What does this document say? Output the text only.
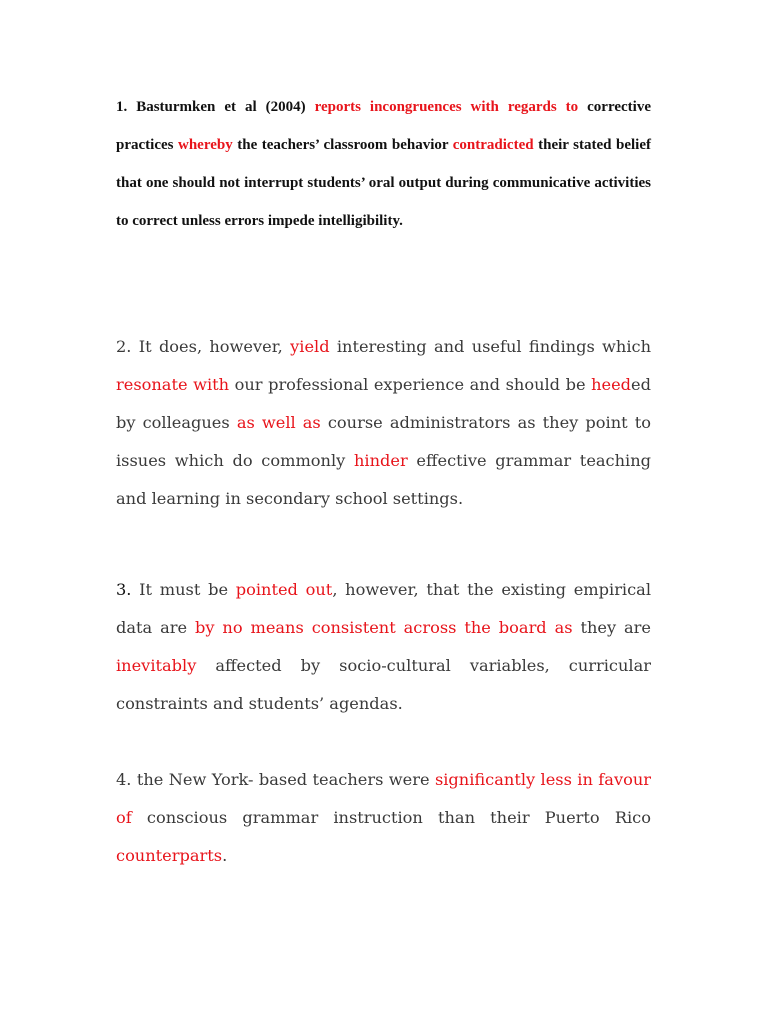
1. Basturmken et al (2004) reports incongruences with regards to corrective practices whereby the teachers’ classroom behavior contradicted their stated belief that one should not interrupt students’ oral output during communicative activities to correct unless errors impede intelligibility.

2. It does, however, yield interesting and useful findings which resonate with our professional experience and should be heeded by colleagues as well as course administrators as they point to issues which do commonly hinder effective grammar teaching and learning in secondary school settings.

3. It must be pointed out, however, that the existing empirical data are by no means consistent across the board as they are inevitably affected by socio-cultural variables, curricular constraints and students’ agendas.

4. the New York- based teachers were significantly less in favour of conscious grammar instruction than their Puerto Rico counterparts.
